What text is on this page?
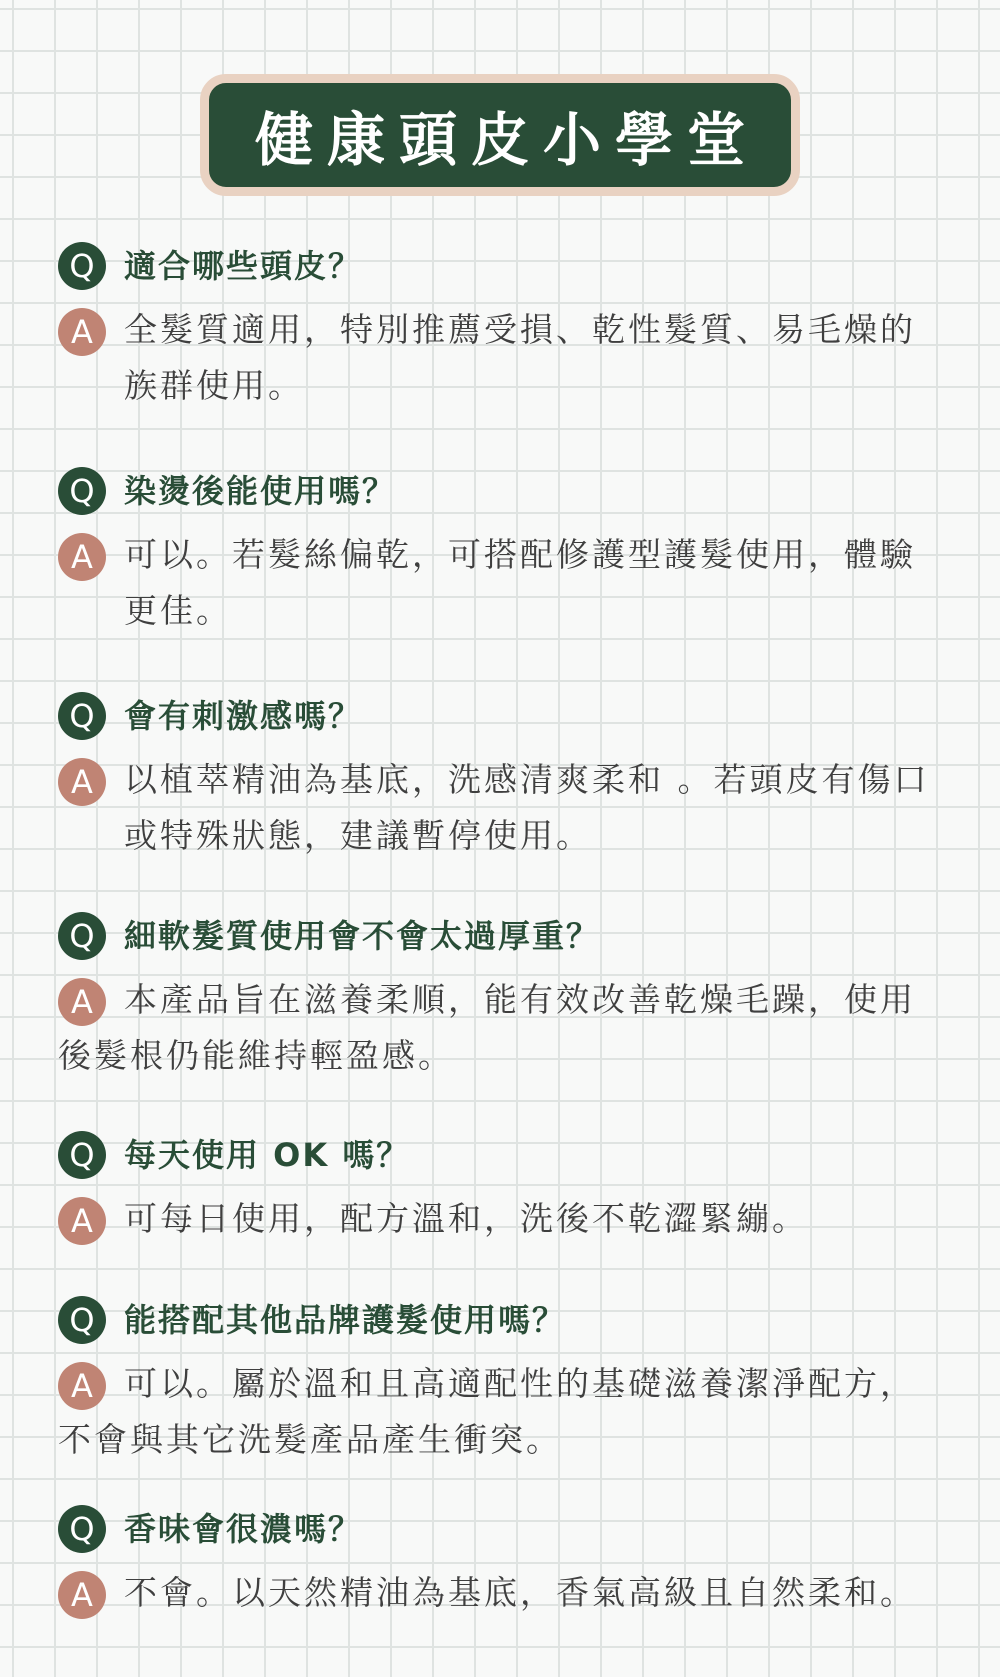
健康頭皮小學堂
Q 適合哪些頭皮？
A 全髮質適用，特別推薦受損、乾性髮質、易毛燥的族群使用。

Q 染燙後能使用嗎？
A 可以。若髮絲偏乾，可搭配修護型護髮使用，體驗更佳。

Q 會有刺激感嗎？
A 以植萃精油為基底，洗感清爽柔和 。若頭皮有傷口或特殊狀態，建議暫停使用。

Q 細軟髮質使用會不會太過厚重？
A 本產品旨在滋養柔順，能有效改善乾燥毛躁，使用後髮根仍能維持輕盈感。

Q 每天使用 OK 嗎？
A 可每日使用，配方溫和，洗後不乾澀緊繃。

Q 能搭配其他品牌護髮使用嗎？
A 可以。屬於溫和且高適配性的基礎滋養潔淨配方，不會與其它洗髮產品產生衝突。

Q 香味會很濃嗎？
A 不會。以天然精油為基底，香氣高級且自然柔和。
